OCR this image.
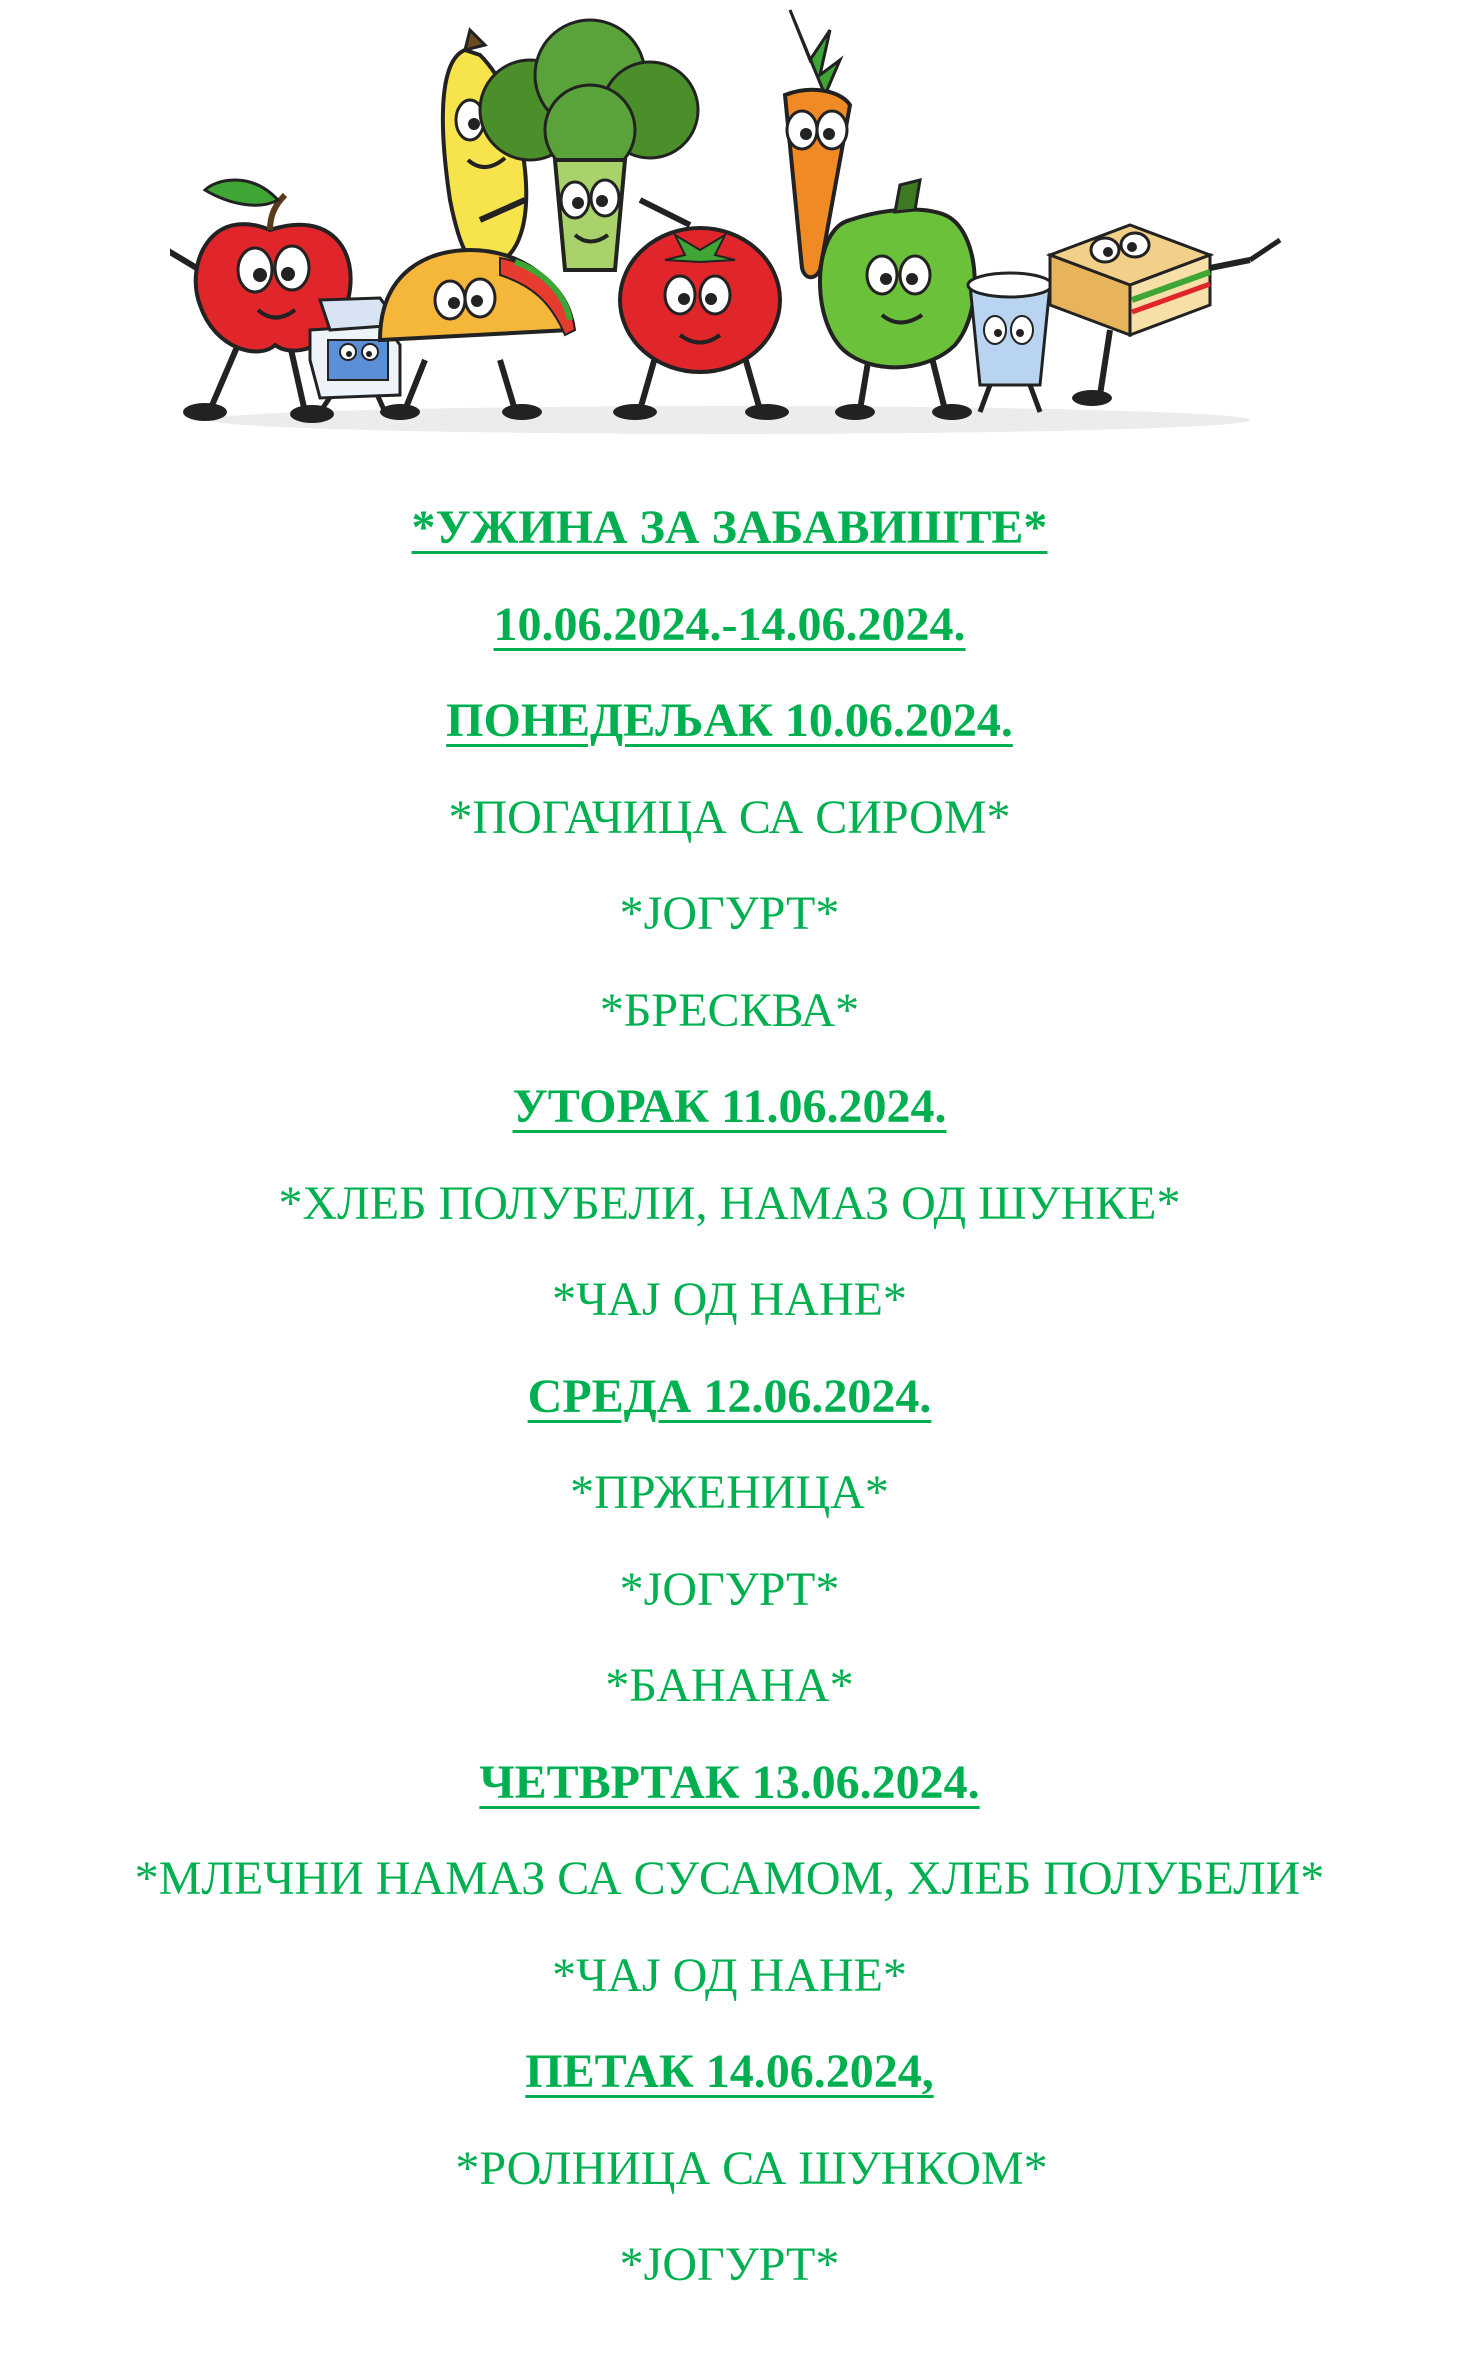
*УЖИНА ЗА ЗАБАВИШТЕ*
10.06.2024.-14.06.2024.
ПОНЕДЕЉАК 10.06.2024.
*ПОГАЧИЦА СА СИРОМ*
*ЈОГУРТ*
*БРЕСКВА*
УТОРАК 11.06.2024.
*ХЛЕБ ПОЛУБЕЛИ, НАМАЗ ОД ШУНКЕ*
*ЧАЈ ОД НАНЕ*
СРЕДА 12.06.2024.
*ПРЖЕНИЦА*
*ЈОГУРТ*
*БАНАНА*
ЧЕТВРТАК 13.06.2024.
*МЛЕЧНИ НАМАЗ СА СУСАМОМ, ХЛЕБ ПОЛУБЕЛИ*
*ЧАЈ ОД НАНЕ*
ПЕТАК 14.06.2024,
*РОЛНИЦА СА ШУНКОМ*
*ЈОГУРТ*
